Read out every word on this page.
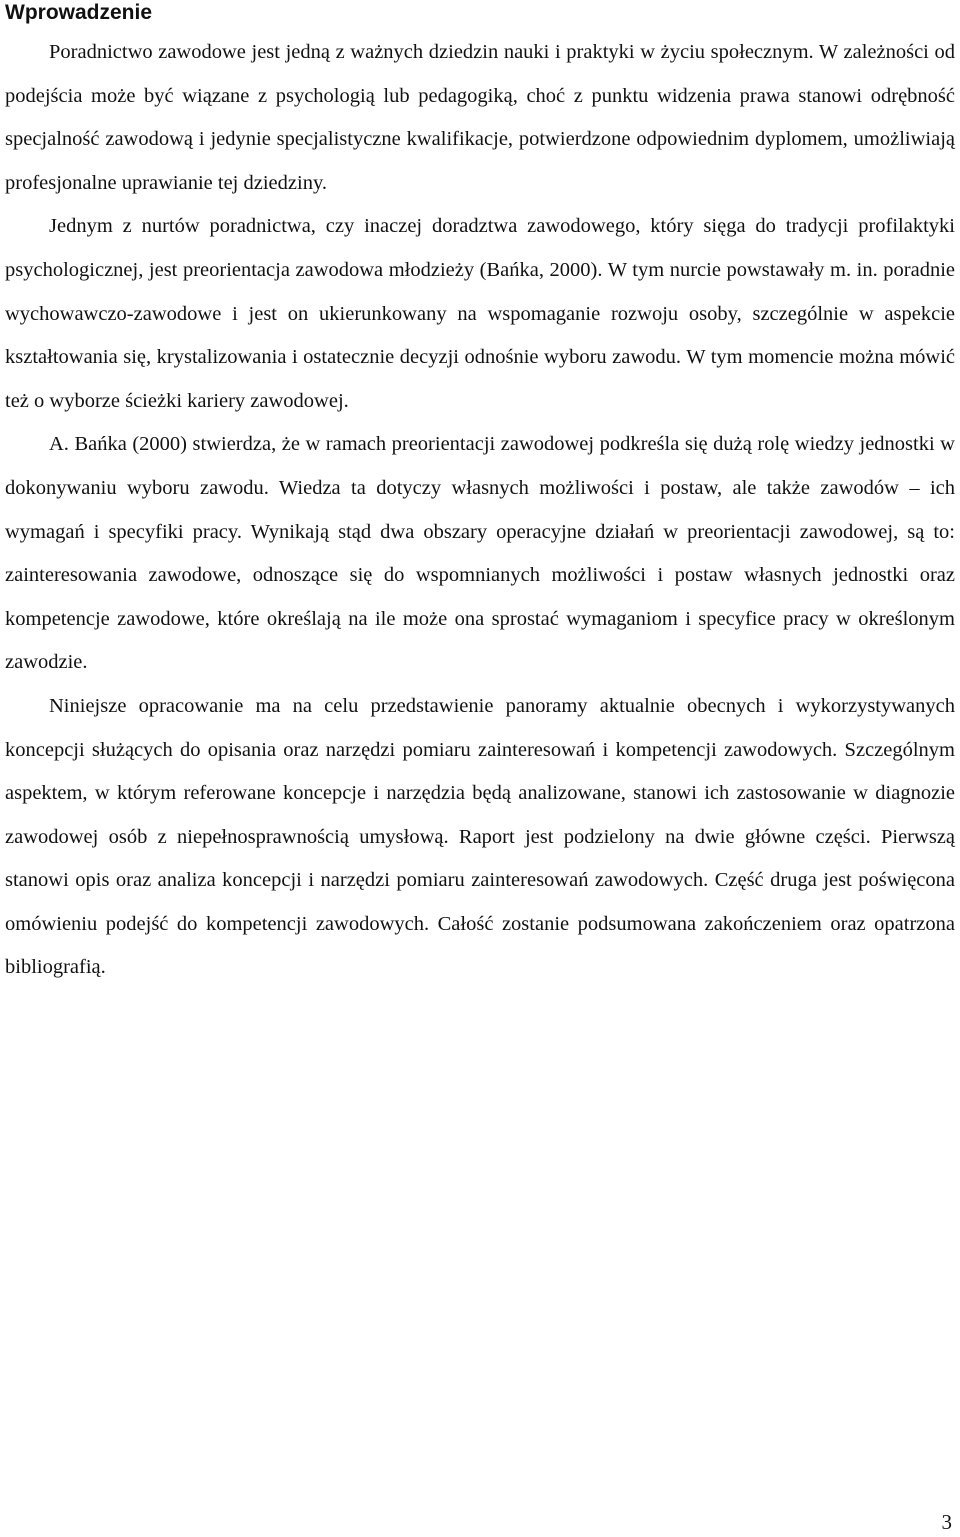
Wprowadzenie

Poradnictwo zawodowe jest jedną z ważnych dziedzin nauki i praktyki w życiu społecznym. W zależności od podejścia może być wiązane z psychologią lub pedagogiką, choć z punktu widzenia prawa stanowi odrębność specjalność zawodową i jedynie specjalistyczne kwalifikacje, potwierdzone odpowiednim dyplomem, umożliwiają profesjonalne uprawianie tej dziedziny.

Jednym z nurtów poradnictwa, czy inaczej doradztwa zawodowego, który sięga do tradycji profilaktyki psychologicznej, jest preorientacja zawodowa młodzieży (Bańka, 2000). W tym nurcie powstawały m. in. poradnie wychowawczo-zawodowe i jest on ukierunkowany na wspomaganie rozwoju osoby, szczególnie w aspekcie kształtowania się, krystalizowania i ostatecznie decyzji odnośnie wyboru zawodu. W tym momencie można mówić też o wyborze ścieżki kariery zawodowej.

A. Bańka (2000) stwierdza, że w ramach preorientacji zawodowej podkreśla się dużą rolę wiedzy jednostki w dokonywaniu wyboru zawodu. Wiedza ta dotyczy własnych możliwości i postaw, ale także zawodów – ich wymagań i specyfiki pracy. Wynikają stąd dwa obszary operacyjne działań w preorientacji zawodowej, są to: zainteresowania zawodowe, odnoszące się do wspomnianych możliwości i postaw własnych jednostki oraz kompetencje zawodowe, które określają na ile może ona sprostać wymaganiom i specyfice pracy w określonym zawodzie.

Niniejsze opracowanie ma na celu przedstawienie panoramy aktualnie obecnych i wykorzystywanych koncepcji służących do opisania oraz narzędzi pomiaru zainteresowań i kompetencji zawodowych. Szczególnym aspektem, w którym referowane koncepcje i narzędzia będą analizowane, stanowi ich zastosowanie w diagnozie zawodowej osób z niepełnosprawnością umysłową. Raport jest podzielony na dwie główne części. Pierwszą stanowi opis oraz analiza koncepcji i narzędzi pomiaru zainteresowań zawodowych. Część druga jest poświęcona omówieniu podejść do kompetencji zawodowych. Całość zostanie podsumowana zakończeniem oraz opatrzona bibliografią.

3
